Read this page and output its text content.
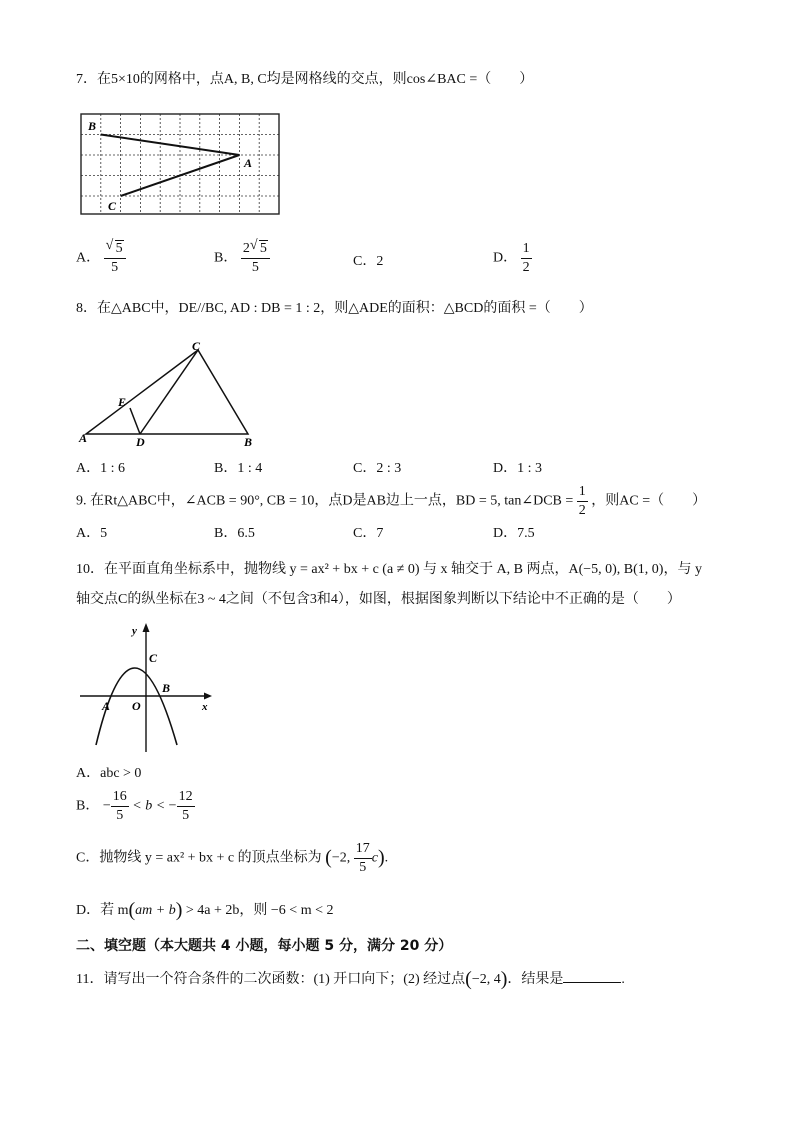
7．在5×10的网格中，点A, B, C均是网格线的交点，则cos∠BAC =（　　）
B
A
C
A． √ $\frac{5}{5}$	B． $\frac{2 √ 5}{5}$	C．2	D． $\frac{1}{2}$
8．在△ABC中，DE//BC, AD : DB = 1 : 2，则△ADE的面积：△BCD的面积 =（　　）
C
E
A	D	B
A．1 : 6	B．1 : 4	C．2 : 3	D．1 : 3
9. 在Rt△ABC中，∠ACB = 90°, CB = 10，点D是AB边上一点，BD = 5, tan∠DCB = $\frac{1}{2}$ ，则AC =（　　）
A．5	B．6.5	C．7	D．7.5
10．在平面直角坐标系中，抛物线 y = ax² + bx + c (a ≠ 0) 与 x 轴交于 A, B 两点，A(−5, 0), B(1, 0)，与 y
轴交点C的纵坐标在3 ~ 4之间（不包含3和4），如图，根据图象判断以下结论中不正确的是（　　）
y
x
C
B
A O
A．abc > 0
B． − $\frac{16}{5} < b$ < − $\frac{12}{5}$
C．抛物线 y = ax² + bx + c 的顶点坐标为 (−2, $\frac{17}{5} c$).
D．若 m(am + b) > 4a + 2b，则 −6 < m < 2
二、填空题（本大题共 4 小题，每小题 5 分，满分 20 分）
11．请写出一个符合条件的二次函数：(1) 开口向下；(2) 经过点(−2, 4)．结果是	.
